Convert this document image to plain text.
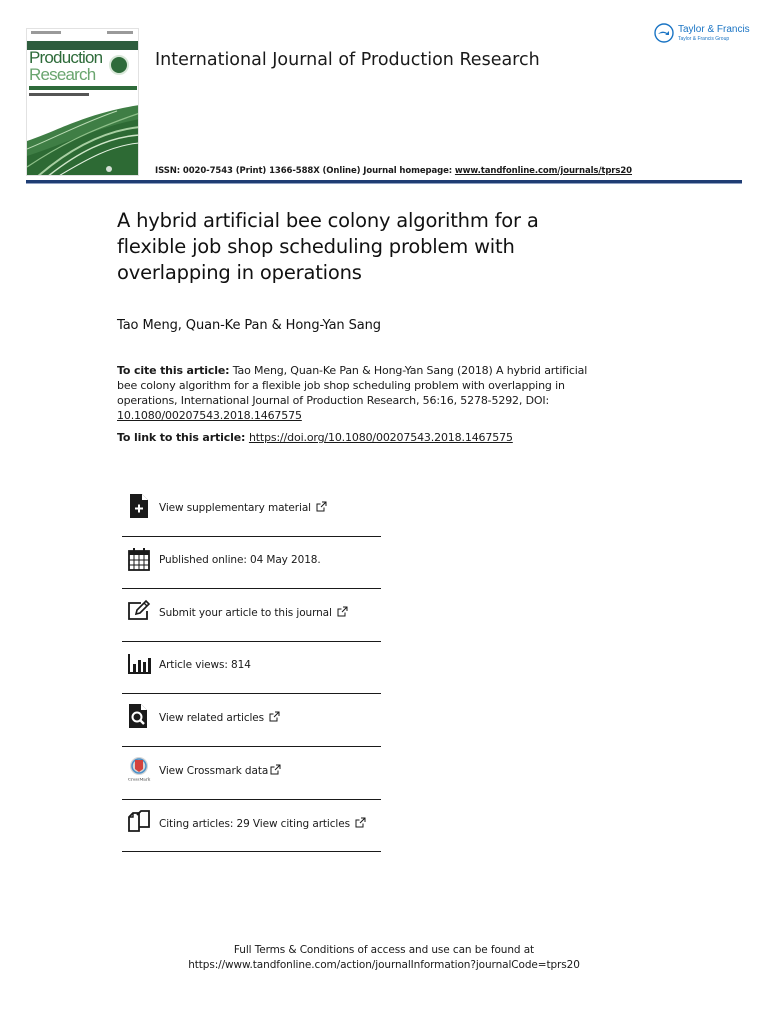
Production
Research
International Journal of Production Research
Taylor & Francis
Taylor & Francis Group
ISSN: 0020-7543 (Print) 1366-588X (Online) Journal homepage: www.tandfonline.com/journals/tprs20
A hybrid artificial bee colony algorithm for a flexible job shop scheduling problem with overlapping in operations
Tao Meng, Quan-Ke Pan & Hong-Yan Sang
To cite this article: Tao Meng, Quan-Ke Pan & Hong-Yan Sang (2018) A hybrid artificial bee colony algorithm for a flexible job shop scheduling problem with overlapping in operations, International Journal of Production Research, 56:16, 5278-5292, DOI: 10.1080/00207543.2018.1467575
To link to this article: https://doi.org/10.1080/00207543.2018.1467575
View supplementary material
Published online: 04 May 2018.
Submit your article to this journal
Article views: 814
View related articles
CrossMark
View Crossmark data
Citing articles: 29 View citing articles
Full Terms & Conditions of access and use can be found at
https://www.tandfonline.com/action/journalInformation?journalCode=tprs20
